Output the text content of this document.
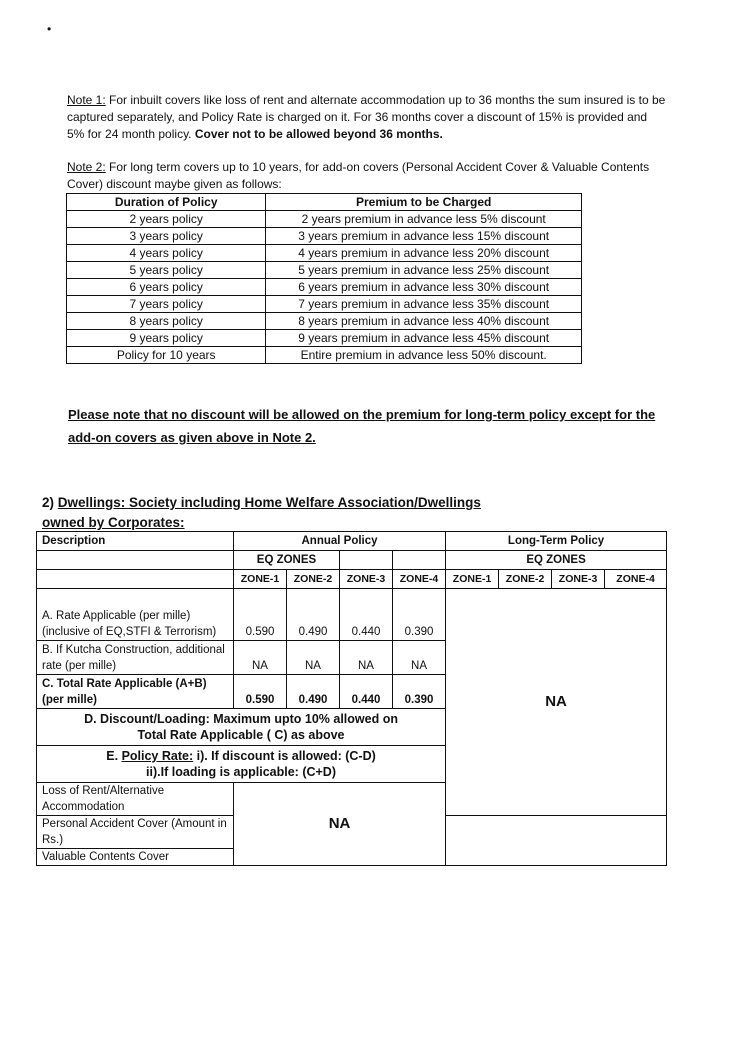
•
Note 1: For inbuilt covers like loss of rent and alternate accommodation up to 36 months the sum insured is to be captured separately, and Policy Rate is charged on it. For 36 months cover a discount of 15% is provided and 5% for 24 month policy. Cover not to be allowed beyond 36 months.
Note 2: For long term covers up to 10 years, for add-on covers (Personal Accident Cover & Valuable Contents Cover) discount maybe given as follows:
Duration of Policy	Premium to be Charged
2 years policy	2 years premium in advance less 5% discount
3 years policy	3 years premium in advance less 15% discount
4 years policy	4 years premium in advance less 20% discount
5 years policy	5 years premium in advance less 25% discount
6 years policy	6 years premium in advance less 30% discount
7 years policy	7 years premium in advance less 35% discount
8 years policy	8 years premium in advance less 40% discount
9 years policy	9 years premium in advance less 45% discount
Policy for 10 years	Entire premium in advance less 50% discount.
Please note that no discount will be allowed on the premium for long-term policy except for the add-on covers as given above in Note 2.
2) Dwellings: Society including Home Welfare Association/Dwellings
owned by Corporates:
Description	Annual Policy				Long-Term Policy			
	EQ ZONES				EQ ZONES			
	ZONE-1	ZONE-2	ZONE-3	ZONE-4	ZONE-1	ZONE-2	ZONE-3	ZONE-4
A. Rate Applicable (per mille) (inclusive of EQ,STFI & Terrorism)	0.590	0.490	0.440	0.390	NA			
B. If Kutcha Construction, additional rate (per mille)	NA	NA	NA	NA				
C. Total Rate Applicable (A+B) (per mille)	0.590	0.490	0.440	0.390				
D. Discount/Loading: Maximum upto 10% allowed on Total Rate Applicable ( C) as above								

E. Policy Rate: i). If discount is allowed: (C-D)
ii).If loading is applicable: (C+D)								

Loss of Rent/Alternative Accommodation	NA							
Personal Accident Cover (Amount in Rs.)								
Valuable Contents Cover								
